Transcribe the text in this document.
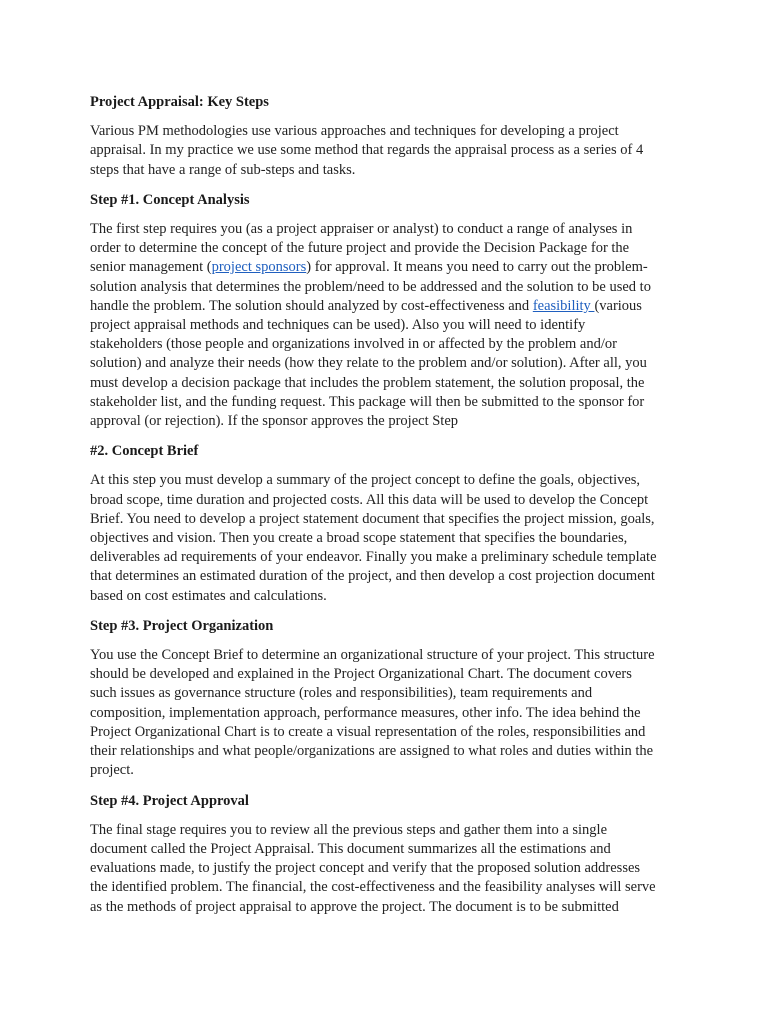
Project Appraisal: Key Steps
Various PM methodologies use various approaches and techniques for developing a project appraisal. In my practice we use some method that regards the appraisal process as a series of 4 steps that have a range of sub-steps and tasks.
Step #1. Concept Analysis
The first step requires you (as a project appraiser or analyst) to conduct a range of analyses in order to determine the concept of the future project and provide the Decision Package for the senior management (project sponsors) for approval. It means you need to carry out the problem-solution analysis that determines the problem/need to be addressed and the solution to be used to handle the problem. The solution should analyzed by cost-effectiveness and feasibility (various project appraisal methods and techniques can be used). Also you will need to identify stakeholders (those people and organizations involved in or affected by the problem and/or solution) and analyze their needs (how they relate to the problem and/or solution). After all, you must develop a decision package that includes the problem statement, the solution proposal, the stakeholder list, and the funding request. This package will then be submitted to the sponsor for approval (or rejection). If the sponsor approves the project Step
#2. Concept Brief
At this step you must develop a summary of the project concept to define the goals, objectives, broad scope, time duration and projected costs. All this data will be used to develop the Concept Brief. You need to develop a project statement document that specifies the project mission, goals, objectives and vision. Then you create a broad scope statement that specifies the boundaries, deliverables ad requirements of your endeavor. Finally you make a preliminary schedule template that determines an estimated duration of the project, and then develop a cost projection document based on cost estimates and calculations.
Step #3. Project Organization
You use the Concept Brief to determine an organizational structure of your project. This structure should be developed and explained in the Project Organizational Chart. The document covers such issues as governance structure (roles and responsibilities), team requirements and composition, implementation approach, performance measures, other info. The idea behind the Project Organizational Chart is to create a visual representation of the roles, responsibilities and their relationships and what people/organizations are assigned to what roles and duties within the project.
Step #4. Project Approval
The final stage requires you to review all the previous steps and gather them into a single document called the Project Appraisal. This document summarizes all the estimations and evaluations made, to justify the project concept and verify that the proposed solution addresses the identified problem. The financial, the cost-effectiveness and the feasibility analyses will serve as the methods of project appraisal to approve the project. The document is to be submitted
